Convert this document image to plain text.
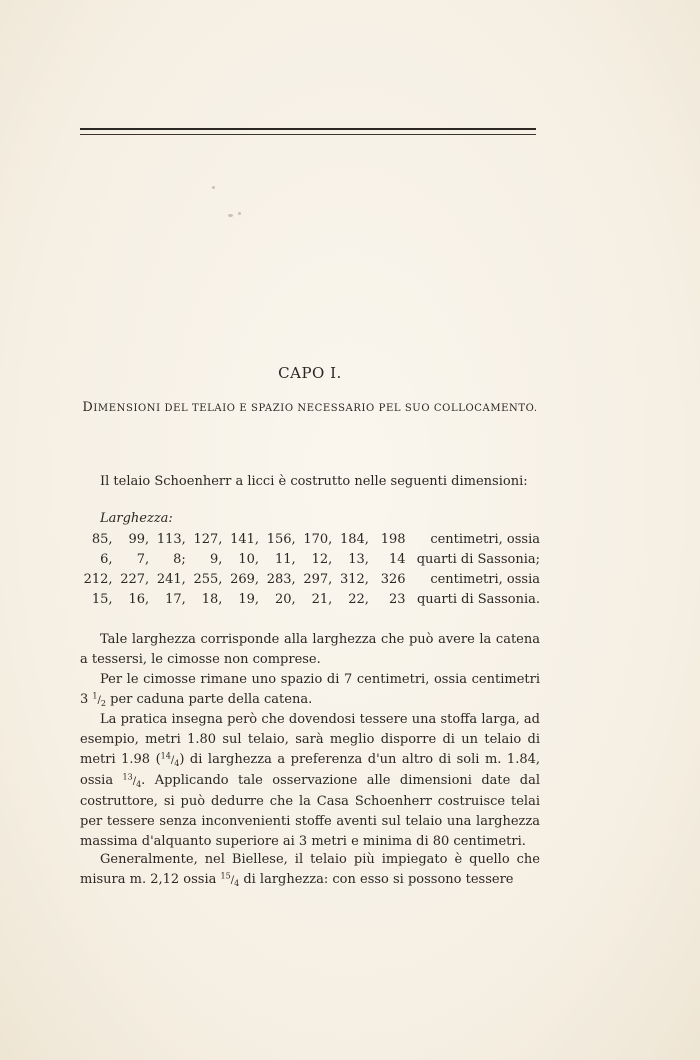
CAPO I.
DIMENSIONI DEL TELAIO E SPAZIO NECESSARIO PEL SUO COLLOCAMENTO.
Il telaio Schoenherr a licci è costrutto nelle seguenti dimensioni:
Larghezza:
85,	99,	113,	127,	141,	156,	170,	184,	198	centimetri, ossia
6,	7,	8;	9,	10,	11,	12,	13,	14	quarti di Sassonia;
212,	227,	241,	255,	269,	283,	297,	312,	326	centimetri, ossia
15,	16,	17,	18,	19,	20,	21,	22,	23	quarti di Sassonia.
Tale larghezza corrisponde alla larghezza che può avere la catena a tessersi, le cimosse non comprese.
Per le cimosse rimane uno spazio di 7 centimetri, ossia centimetri 3 $^1/_2$ per caduna parte della catena.
La pratica insegna però che dovendosi tessere una stoffa larga, ad esempio, metri 1.80 sul telaio, sarà meglio disporre di un telaio di metri 1.98 $(^{14}/_4)$ di larghezza a preferenza d'un altro di soli m. 1.84, ossia $^{13}/_4$. Applicando tale osservazione alle dimensioni date dal costruttore, si può dedurre che la Casa Schoenherr costruisce telai per tessere senza inconvenienti stoffe aventi sul telaio una larghezza massima d'alquanto superiore ai 3 metri e minima di 80 centimetri.
Generalmente, nel Biellese, il telaio più impiegato è quello che misura m. 2,12 ossia $^{15}/_4$ di larghezza: con esso si possono tessere
